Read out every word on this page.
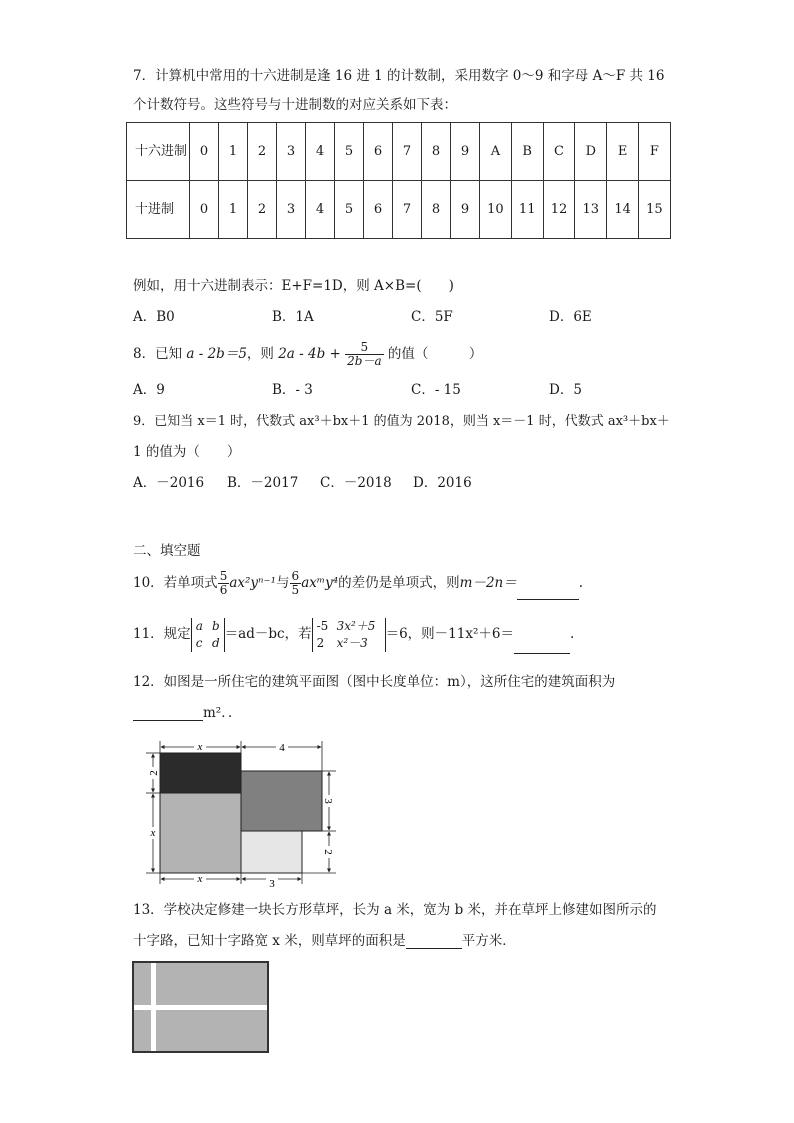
7．计算机中常用的十六进制是逢 16 进 1 的计数制，采用数字 0～9 和字母 A～F 共 16
个计数符号。这些符号与十进制数的对应关系如下表：
十六进制	0	1	2	3	4	5	6	7	8	9	A	B	C	D	E	F
十进制	0	1	2	3	4	5	6	7	8	9	10	11	12	13	14	15
例如，用十六进制表示：E+F=1D，则 A×B=(　　)
A．B0	B．1A	C．5F	D．6E
8．已知 a - 2b＝5，则 $2a - 4b + \frac{5}{2b-a}$ 的值（　　　）
A．9	B．- 3	C．- 15	D．5
9．已知当 x＝1 时，代数式 ax³＋bx＋1 的值为 2018，则当 x＝－1 时，代数式 ax³＋bx＋
1 的值为（　　）
A．－2016 B．－2017 C．－2018 D．2016
二、填空题
10．若单项式 $\frac{5}{6} ax^2y^{n-1}$与 $\frac{6}{5}$ axᵐy⁴的差仍是单项式，则m－2n＝	.
11．规定a b
c d＝ad－bc，若-5 3x²＋5
2 x²－3＝6，则－11x²＋6＝	.
12．如图是一所住宅的建筑平面图（图中长度单位：m），这所住宅的建筑面积为
m²．．
x	4
x	3
2
x
3
2
13．学校决定修建一块长方形草坪，长为 a 米，宽为 b 米，并在草坪上修建如图所示的
十字路，已知十字路宽 x 米，则草坪的面积是	平方米．
